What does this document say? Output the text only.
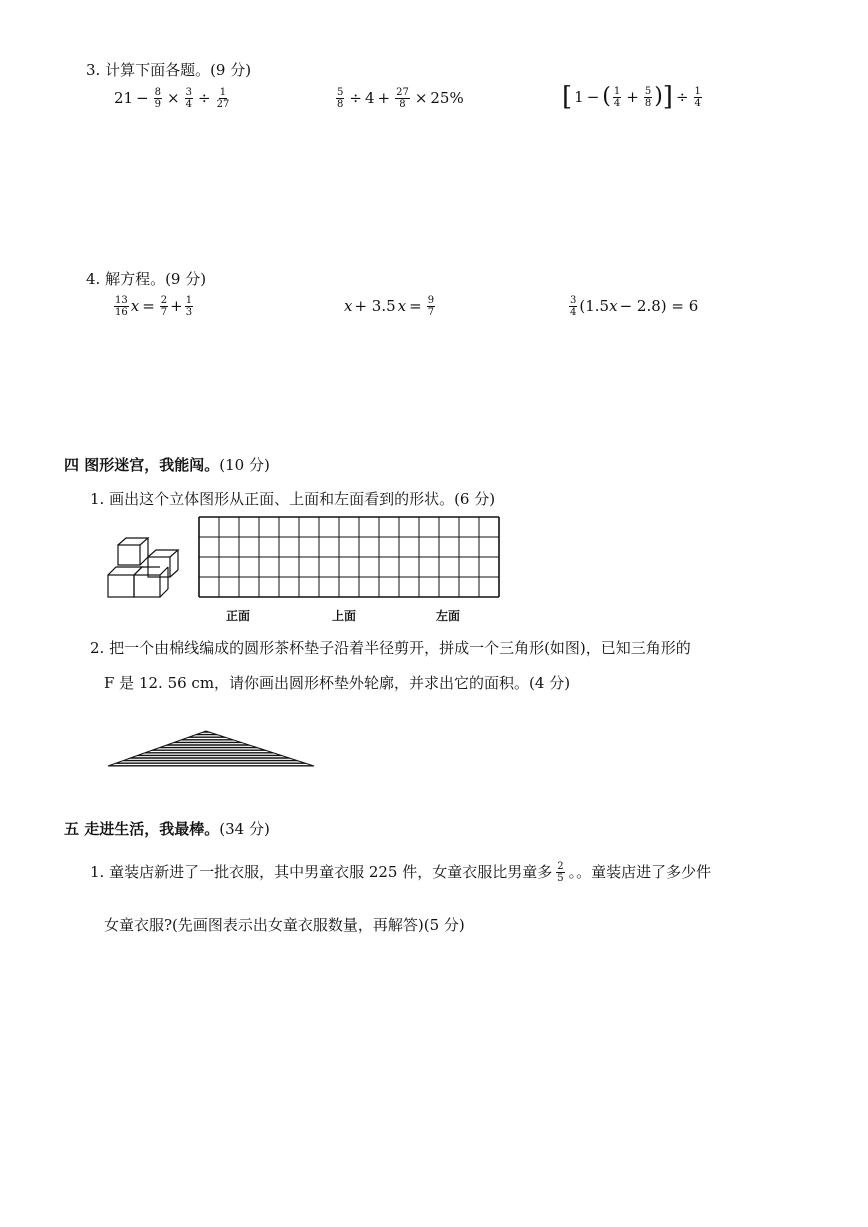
3. 计算下面各题。(9 分)
$21 - \frac{8}{9} \times \frac{3}{4} \div \frac{1}{27}$	$\frac{5}{8} \div 4 + \frac{27}{8} \times 25\%$	[ 1 − ( $\frac{1}{4} + \frac{5}{8}$ ) ] ÷ $\frac{1}{4}$
4. 解方程。(9 分)
$\frac{13}{16}$ $x = \frac{2}{7} + \frac{1}{3}$	x + 3.5 $x = \frac{9}{7}$	$\frac{3}{4} (1.5$ x − 2.8) = 6
四 图形迷宫，我能闯。(10 分)
1. 画出这个立体图形从正面、上面和左面看到的形状。(6 分)
正面	上面	左面
2. 把一个由棉线编成的圆形茶杯垫子沿着半径剪开，拼成一个三角形(如图)，已知三角形的
F 是 12. 56 cm，请你画出圆形杯垫外轮廓，并求出它的面积。(4 分)
五 走进生活，我最棒。(34 分)
1. 童装店新进了一批衣服，其中男童衣服 225 件，女童衣服比男童多 $\frac{2}{5}$ 。。童装店进了多少件
女童衣服?(先画图表示出女童衣服数量，再解答)(5 分)
